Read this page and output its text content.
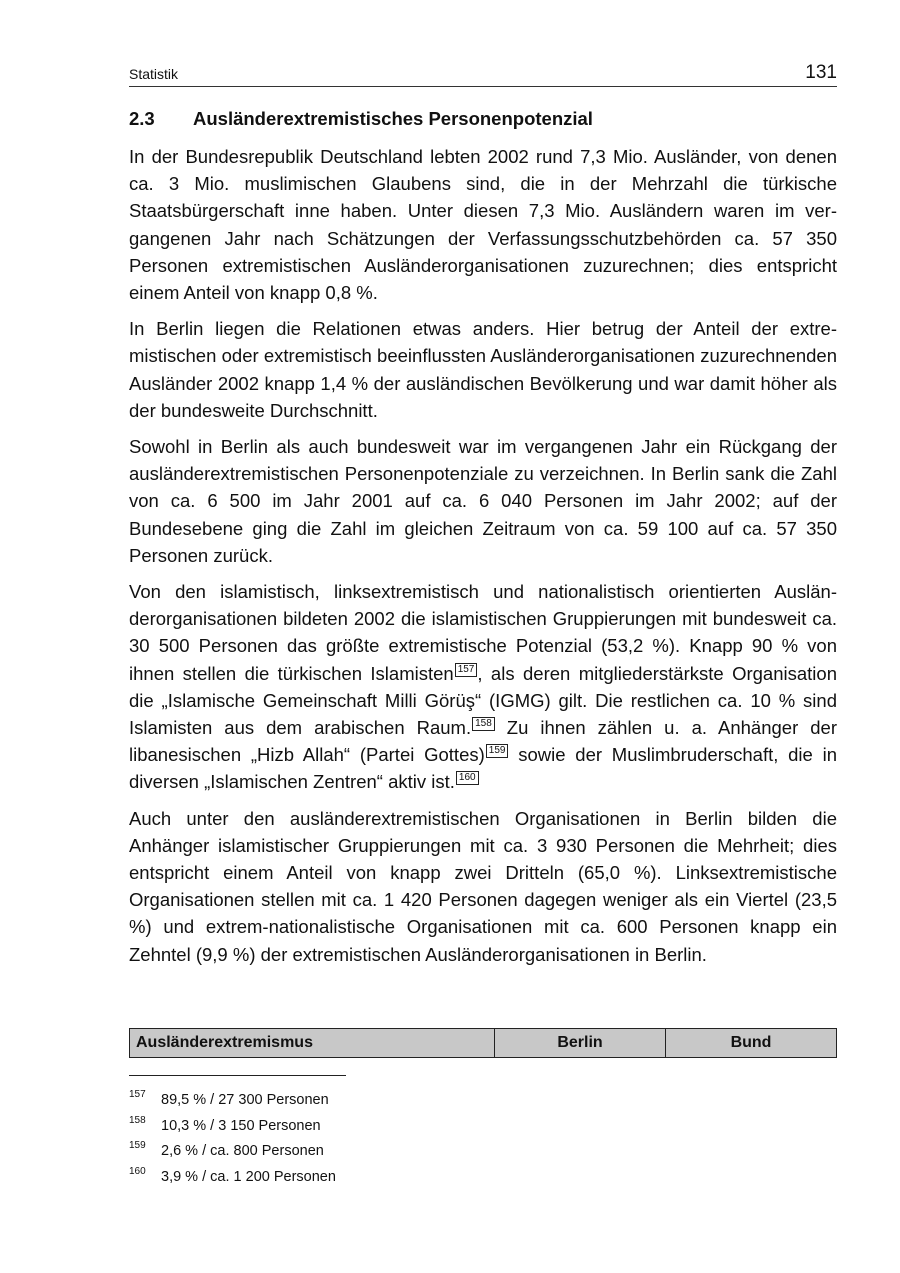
Statistik	131
2.3 Ausländerextremistisches Personenpotenzial

In der Bundesrepublik Deutschland lebten 2002 rund 7,3 Mio. Ausländer, von denen ca. 3 Mio. muslimischen Glaubens sind, die in der Mehrzahl die türkische Staatsbürgerschaft inne haben. Unter diesen 7,3 Mio. Ausländern waren im vergangenen Jahr nach Schätzungen der Verfassungsschutzbehörden ca. 57 350 Personen extremistischen Ausländerorganisationen zuzurechnen; dies entspricht einem Anteil von knapp 0,8 %.

In Berlin liegen die Relationen etwas anders. Hier betrug der Anteil der extremistischen oder extremistisch beeinflussten Ausländerorganisationen zuzurechnenden Ausländer 2002 knapp 1,4 % der ausländischen Bevölkerung und war damit höher als der bundesweite Durchschnitt.

Sowohl in Berlin als auch bundesweit war im vergangenen Jahr ein Rückgang der ausländerextremistischen Personenpotenziale zu verzeichnen. In Berlin sank die Zahl von ca. 6 500 im Jahr 2001 auf ca. 6 040 Personen im Jahr 2002; auf der Bundesebene ging die Zahl im gleichen Zeitraum von ca. 59 100 auf ca. 57 350 Personen zurück.

Von den islamistisch, linksextremistisch und nationalistisch orientierten Ausländerorganisationen bildeten 2002 die islamistischen Gruppierungen mit bundesweit ca. 30 500 Personen das größte extremistische Potenzial (53,2 %). Knapp 90 % von ihnen stellen die türkischen Islamisten 157 , als deren mitgliederstärkste Organisation die „Islamische Gemeinschaft Milli Görüş“ (IGMG) gilt. Die restlichen ca. 10 % sind Islamisten aus dem arabischen Raum. 158 Zu ihnen zählen u. a. Anhänger der libanesischen „Hizb Allah“ (Partei Gottes) 159 sowie der Muslimbruderschaft, die in diversen „Islamischen Zentren“ aktiv ist. 160

Auch unter den ausländerextremistischen Organisationen in Berlin bilden die Anhänger islamistischer Gruppierungen mit ca. 3 930 Personen die Mehrheit; dies entspricht einem Anteil von knapp zwei Dritteln (65,0 %). Linksextremistische Organisationen stellen mit ca. 1 420 Personen dagegen weniger als ein Viertel (23,5 %) und extrem-nationalistische Organisationen mit ca. 600 Personen knapp ein Zehntel (9,9 %) der extremistischen Ausländerorganisationen in Berlin.

Ausländerextremismus	Berlin	Bund
157 89,5 % / 27 300 Personen
158 10,3 % / 3 150 Personen
159 2,6 % / ca. 800 Personen
160 3,9 % / ca. 1 200 Personen
